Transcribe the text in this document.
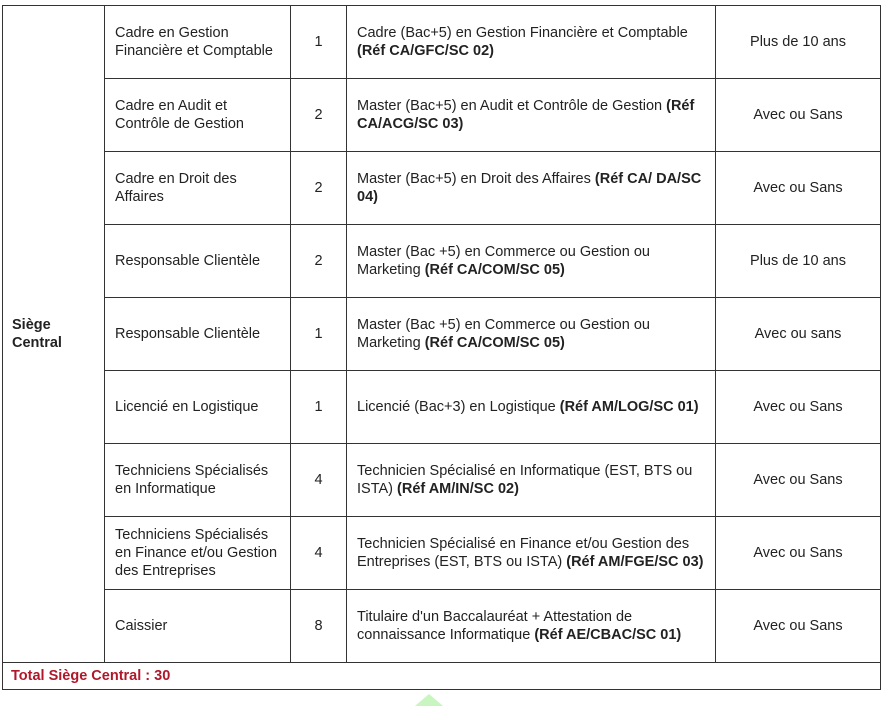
Siège Central	Cadre en Gestion Financière et Comptable	1	Cadre (Bac+5) en Gestion Financière et Comptable (Réf CA/GFC/SC 02)	Plus de 10 ans
	Cadre en Audit et Contrôle de Gestion	2	Master (Bac+5) en Audit et Contrôle de Gestion (Réf CA/ACG/SC 03)	Avec ou Sans
	Cadre en Droit des Affaires	2	Master (Bac+5) en Droit des Affaires (Réf CA/ DA/SC 04)	Avec ou Sans
	Responsable Clientèle	2	Master (Bac +5) en Commerce ou Gestion ou Marketing (Réf CA/COM/SC 05)	Plus de 10 ans
	Responsable Clientèle	1	Master (Bac +5) en Commerce ou Gestion ou Marketing (Réf CA/COM/SC 05)	Avec ou sans
	Licencié en Logistique	1	Licencié (Bac+3) en Logistique (Réf AM/LOG/SC 01)	Avec ou Sans
	Techniciens Spécialisés en Informatique	4	Technicien Spécialisé en Informatique (EST, BTS ou ISTA) (Réf AM/IN/SC 02)	Avec ou Sans
	Techniciens Spécialisés en Finance et/ou Gestion des Entreprises	4	Technicien Spécialisé en Finance et/ou Gestion des Entreprises (EST, BTS ou ISTA) (Réf AM/FGE/SC 03)	Avec ou Sans
	Caissier	8	Titulaire d'un Baccalauréat + Attestation de connaissance Informatique (Réf AE/CBAC/SC 01)	Avec ou Sans
Total Siège Central : 30				
